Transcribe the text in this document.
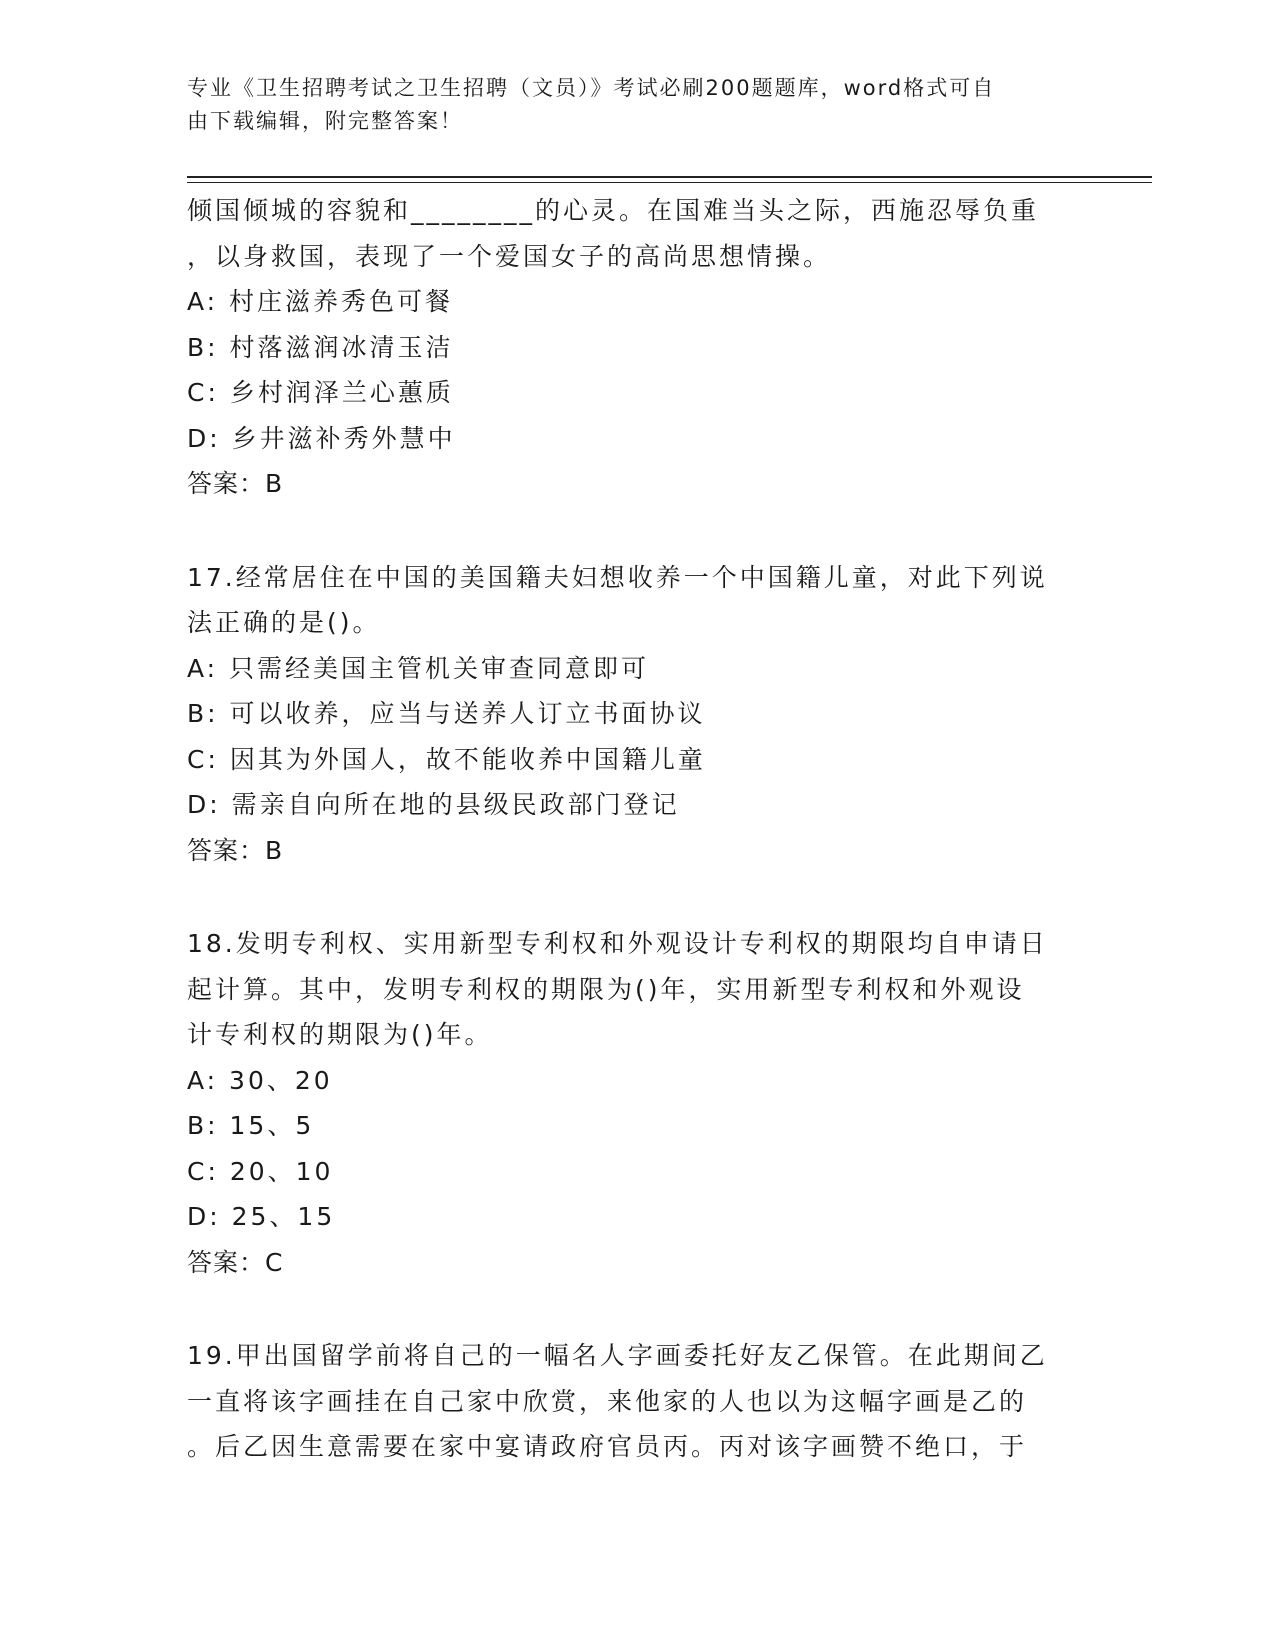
专业《卫生招聘考试之卫生招聘（文员）》考试必刷200题题库，word格式可自
由下载编辑，附完整答案！
倾国倾城的容貌和________的心灵。在国难当头之际，西施忍辱负重
，以身救国，表现了一个爱国女子的高尚思想情操。
A: 村庄滋养秀色可餐
B: 村落滋润冰清玉洁
C: 乡村润泽兰心蕙质
D: 乡井滋补秀外慧中
答案：B
17.经常居住在中国的美国籍夫妇想收养一个中国籍儿童，对此下列说
法正确的是()。
A: 只需经美国主管机关审查同意即可
B: 可以收养，应当与送养人订立书面协议
C: 因其为外国人，故不能收养中国籍儿童
D: 需亲自向所在地的县级民政部门登记
答案：B
18.发明专利权、实用新型专利权和外观设计专利权的期限均自申请日
起计算。其中，发明专利权的期限为()年，实用新型专利权和外观设
计专利权的期限为()年。
A: 30、20
B: 15、5
C: 20、10
D: 25、15
答案：C
19.甲出国留学前将自己的一幅名人字画委托好友乙保管。在此期间乙
一直将该字画挂在自己家中欣赏，来他家的人也以为这幅字画是乙的
。后乙因生意需要在家中宴请政府官员丙。丙对该字画赞不绝口，于
